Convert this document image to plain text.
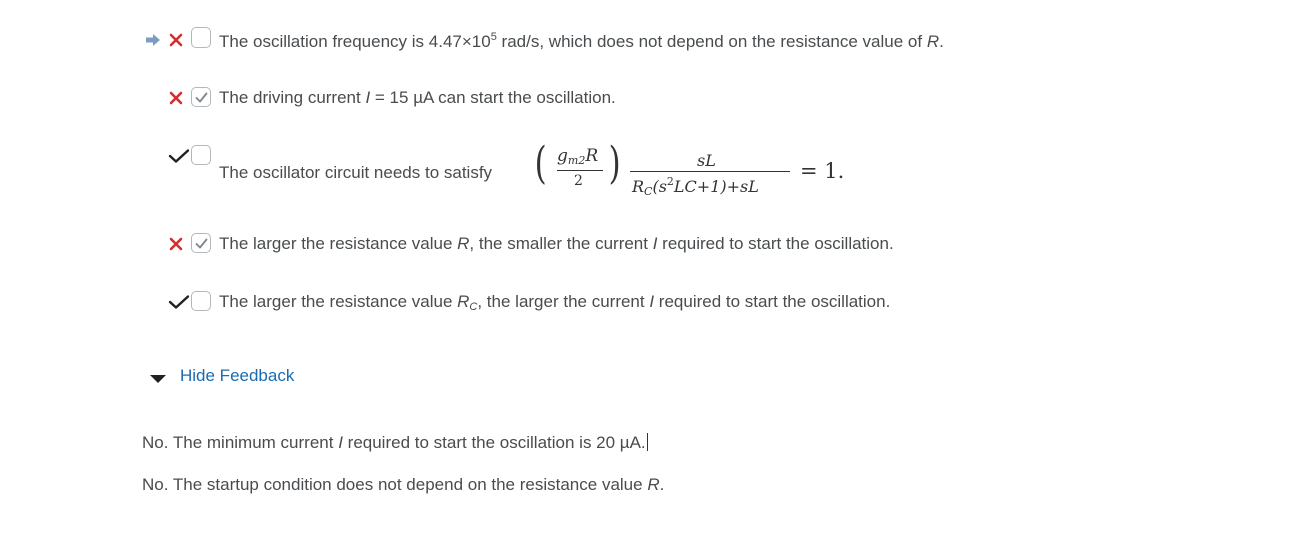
The oscillation frequency is $4.47\times 10^5$ rad/s, which does not depend on the resistance value of R.
The driving current I = 15 µA can start the oscillation.
The oscillator circuit needs to satisfy ( $g_{m2}R$
2 )	sL
$R_C(s^2LC+1)+sL$
= 1.
The larger the resistance value R, the smaller the current I required to start the oscillation.
The larger the resistance value $R_C$, the larger the current I required to start the oscillation.
Hide Feedback
No. The minimum current I required to start the oscillation is 20 µA.
No. The startup condition does not depend on the resistance value R.
